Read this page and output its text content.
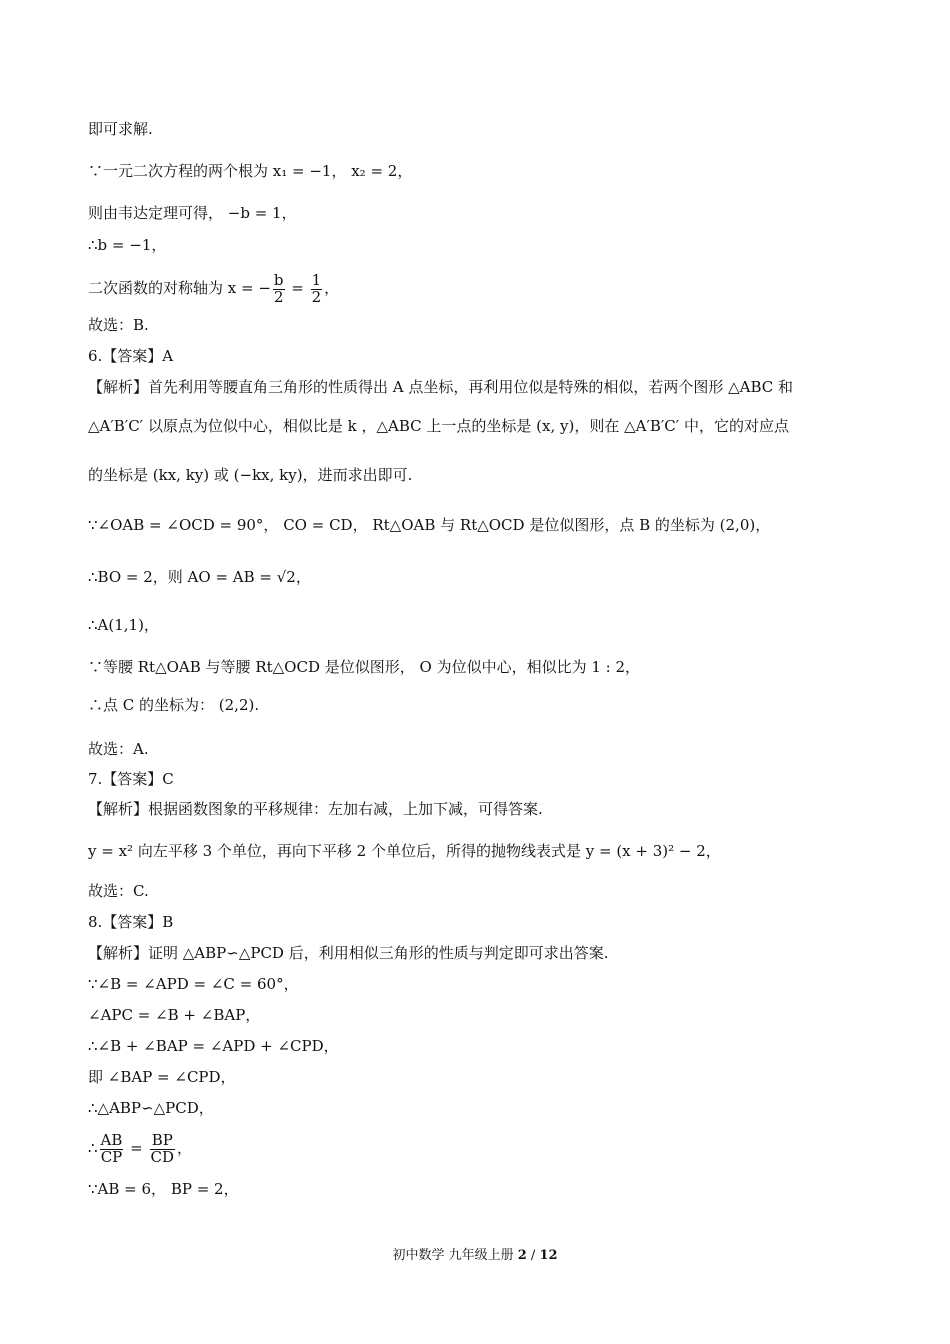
即可求解.
∵一元二次方程的两个根为 x₁ = −1， x₂ = 2，
则由韦达定理可得， −b = 1，
∴b = −1，
二次函数的对称轴为 x = − $\frac{b}{2} = \frac{1}{2}$ ，
故选：B.
6.【答案】A
【解析】首先利用等腰直角三角形的性质得出 A 点坐标，再利用位似是特殊的相似，若两个图形 △ABC 和
△A′B′C′ 以原点为位似中心，相似比是 k ，△ABC 上一点的坐标是 (x, y)，则在 △A′B′C′ 中，它的对应点
的坐标是 (kx, ky) 或 (−kx, ky)，进而求出即可.
∵∠OAB = ∠OCD = 90°， CO = CD， Rt△OAB 与 Rt△OCD 是位似图形，点 B 的坐标为 (2,0)，
∴BO = 2，则 AO = AB = √2，
∴A(1,1)，
∵等腰 Rt△OAB 与等腰 Rt△OCD 是位似图形， O 为位似中心，相似比为 1 : 2，
∴点 C 的坐标为： (2,2).
故选：A.
7.【答案】C
【解析】根据函数图象的平移规律：左加右减，上加下减，可得答案.
y = x² 向左平移 3 个单位，再向下平移 2 个单位后，所得的抛物线表式是 y = (x + 3)² − 2，
故选：C.
8.【答案】B
【解析】证明 △ABP∽△PCD 后，利用相似三角形的性质与判定即可求出答案.
∵∠B = ∠APD = ∠C = 60°，
∠APC = ∠B + ∠BAP，
∴∠B + ∠BAP = ∠APD + ∠CPD，
即 ∠BAP = ∠CPD，
∴△ABP∽△PCD，
∴ $\frac{AB}{CP} = \frac{BP}{CD}$ ，
∵AB = 6， BP = 2，
初中数学 九年级上册 2 / 12
